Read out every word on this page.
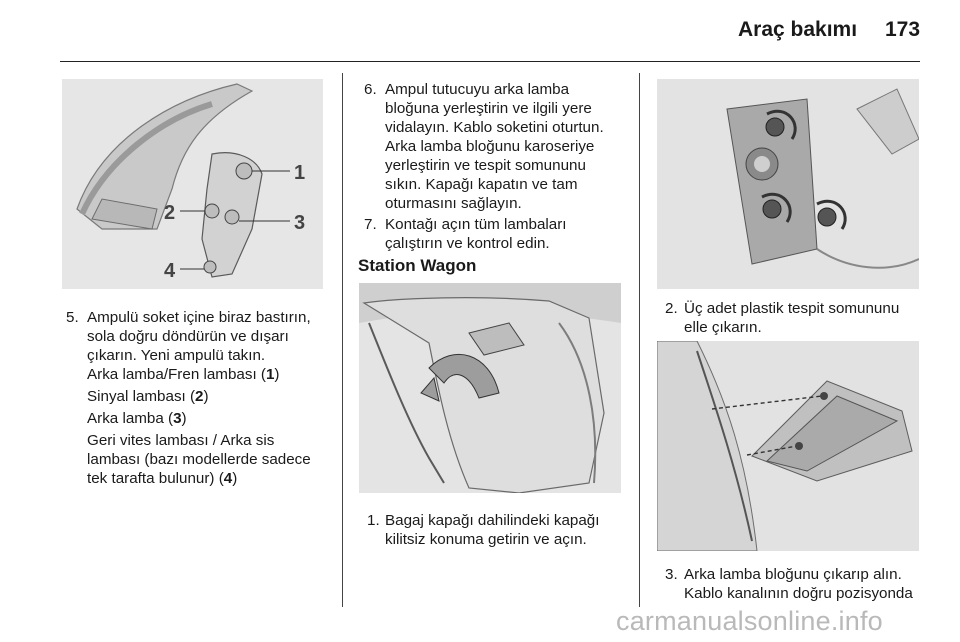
Araç bakımı 173
1
2	3
4
5. Ampulü soket içine biraz bastırın,
sola doğru döndürün ve dışarı
çıkarın. Yeni ampulü takın.
Arka lamba/Fren lambası (1)
Sinyal lambası (2)
Arka lamba (3)
Geri vites lambası / Arka sis
lambası (bazı modellerde sadece
tek tarafta bulunur) (4)
6. Ampul tutucuyu arka lamba
bloğuna yerleştirin ve ilgili yere
vidalayın. Kablo soketini oturtun.
Arka lamba bloğunu karoseriye
yerleştirin ve tespit somununu
sıkın. Kapağı kapatın ve tam
oturmasını sağlayın.
7. Kontağı açın tüm lambaları
çalıştırın ve kontrol edin.
Station Wagon
1. Bagaj kapağı dahilindeki kapağı
kilitsiz konuma getirin ve açın.
2. Üç adet plastik tespit somununu
elle çıkarın.
3. Arka lamba bloğunu çıkarıp alın.
Kablo kanalının doğru pozisyonda
carmanualsonline.info
